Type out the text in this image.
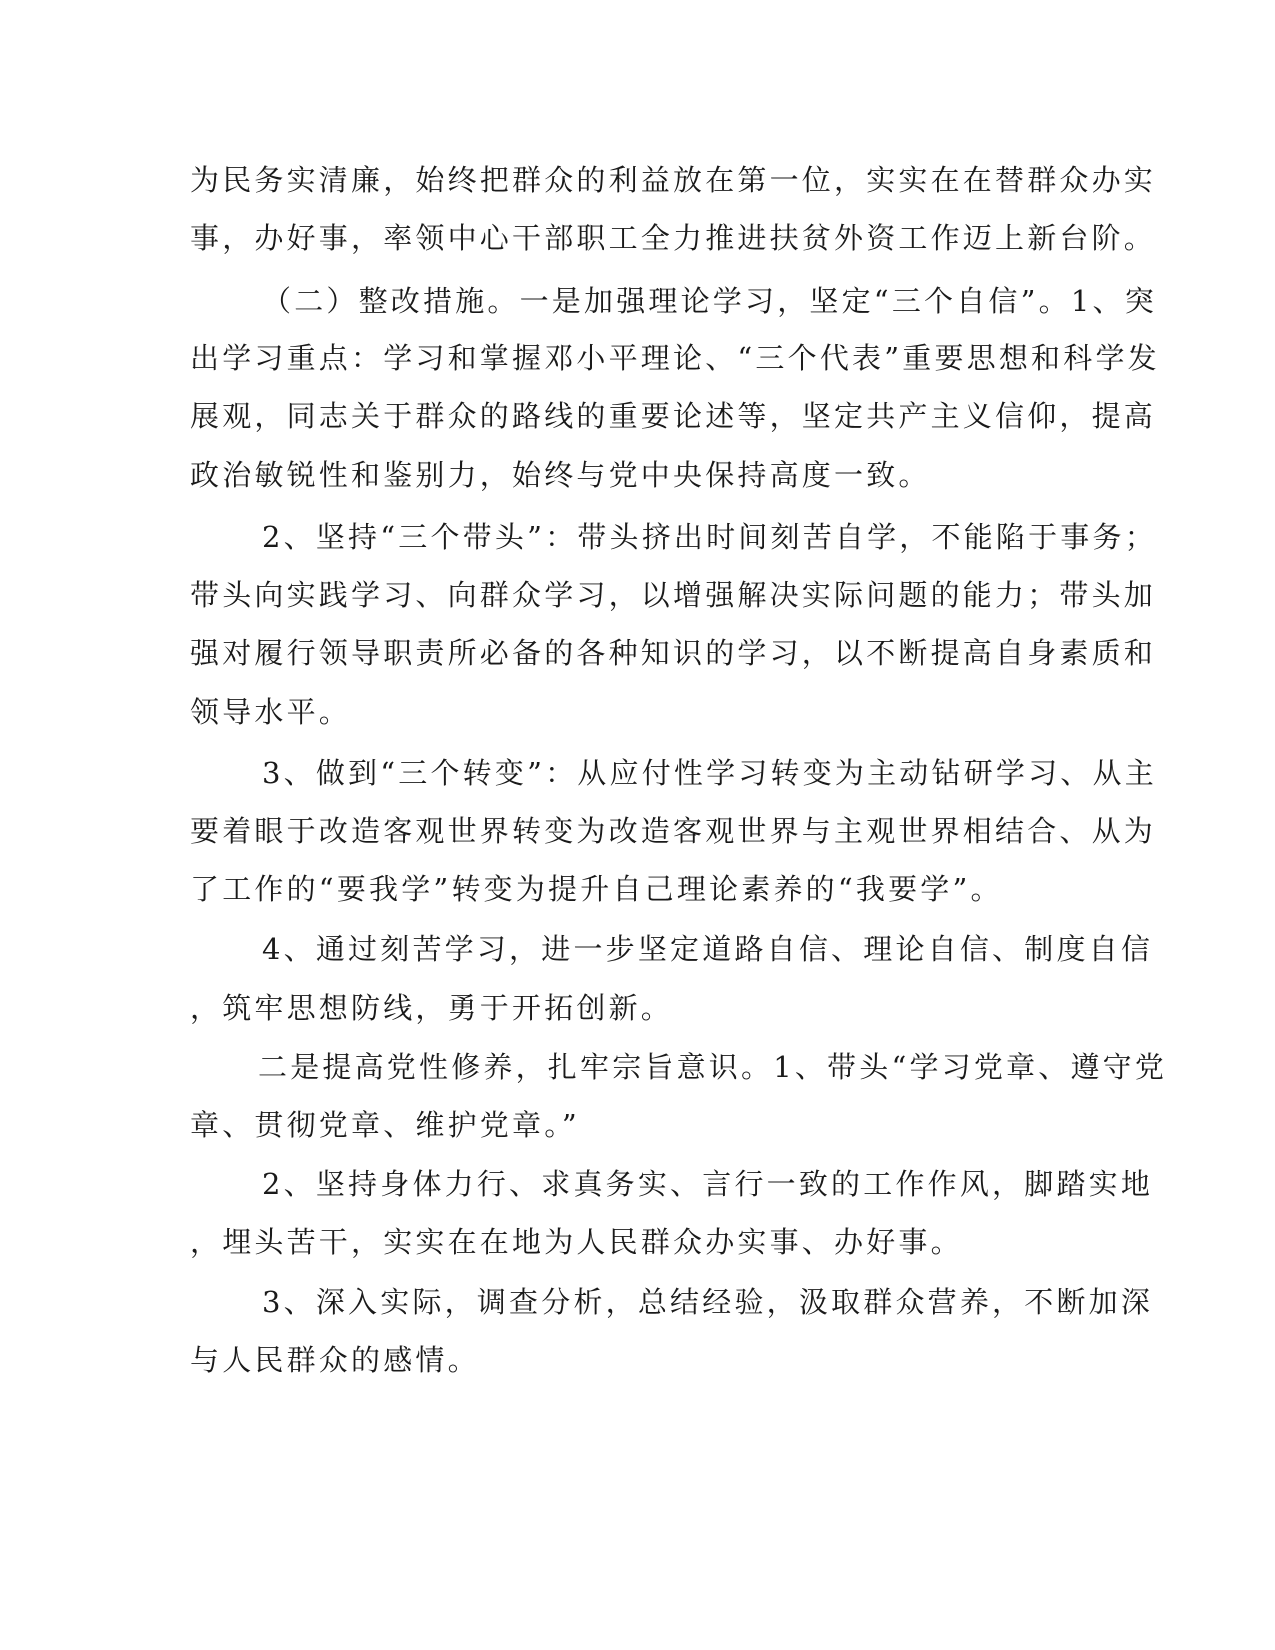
为民务实清廉，始终把群众的利益放在第一位，实实在在替群众办实
事，办好事，率领中心干部职工全力推进扶贫外资工作迈上新台阶。
（二）整改措施。一是加强理论学习，坚定“三个自信”。1、突
出学习重点：学习和掌握邓小平理论、“三个代表”重要思想和科学发
展观，同志关于群众的路线的重要论述等，坚定共产主义信仰，提高
政治敏锐性和鉴别力，始终与党中央保持高度一致。
2、坚持“三个带头”：带头挤出时间刻苦自学，不能陷于事务；
带头向实践学习、向群众学习，以增强解决实际问题的能力；带头加
强对履行领导职责所必备的各种知识的学习，以不断提高自身素质和
领导水平。
3、做到“三个转变”：从应付性学习转变为主动钻研学习、从主
要着眼于改造客观世界转变为改造客观世界与主观世界相结合、从为
了工作的“要我学”转变为提升自己理论素养的“我要学”。
4、通过刻苦学习，进一步坚定道路自信、理论自信、制度自信
，筑牢思想防线，勇于开拓创新。
二是提高党性修养，扎牢宗旨意识。1、带头“学习党章、遵守党
章、贯彻党章、维护党章。”
2、坚持身体力行、求真务实、言行一致的工作作风，脚踏实地
，埋头苦干，实实在在地为人民群众办实事、办好事。
3、深入实际，调查分析，总结经验，汲取群众营养，不断加深
与人民群众的感情。
